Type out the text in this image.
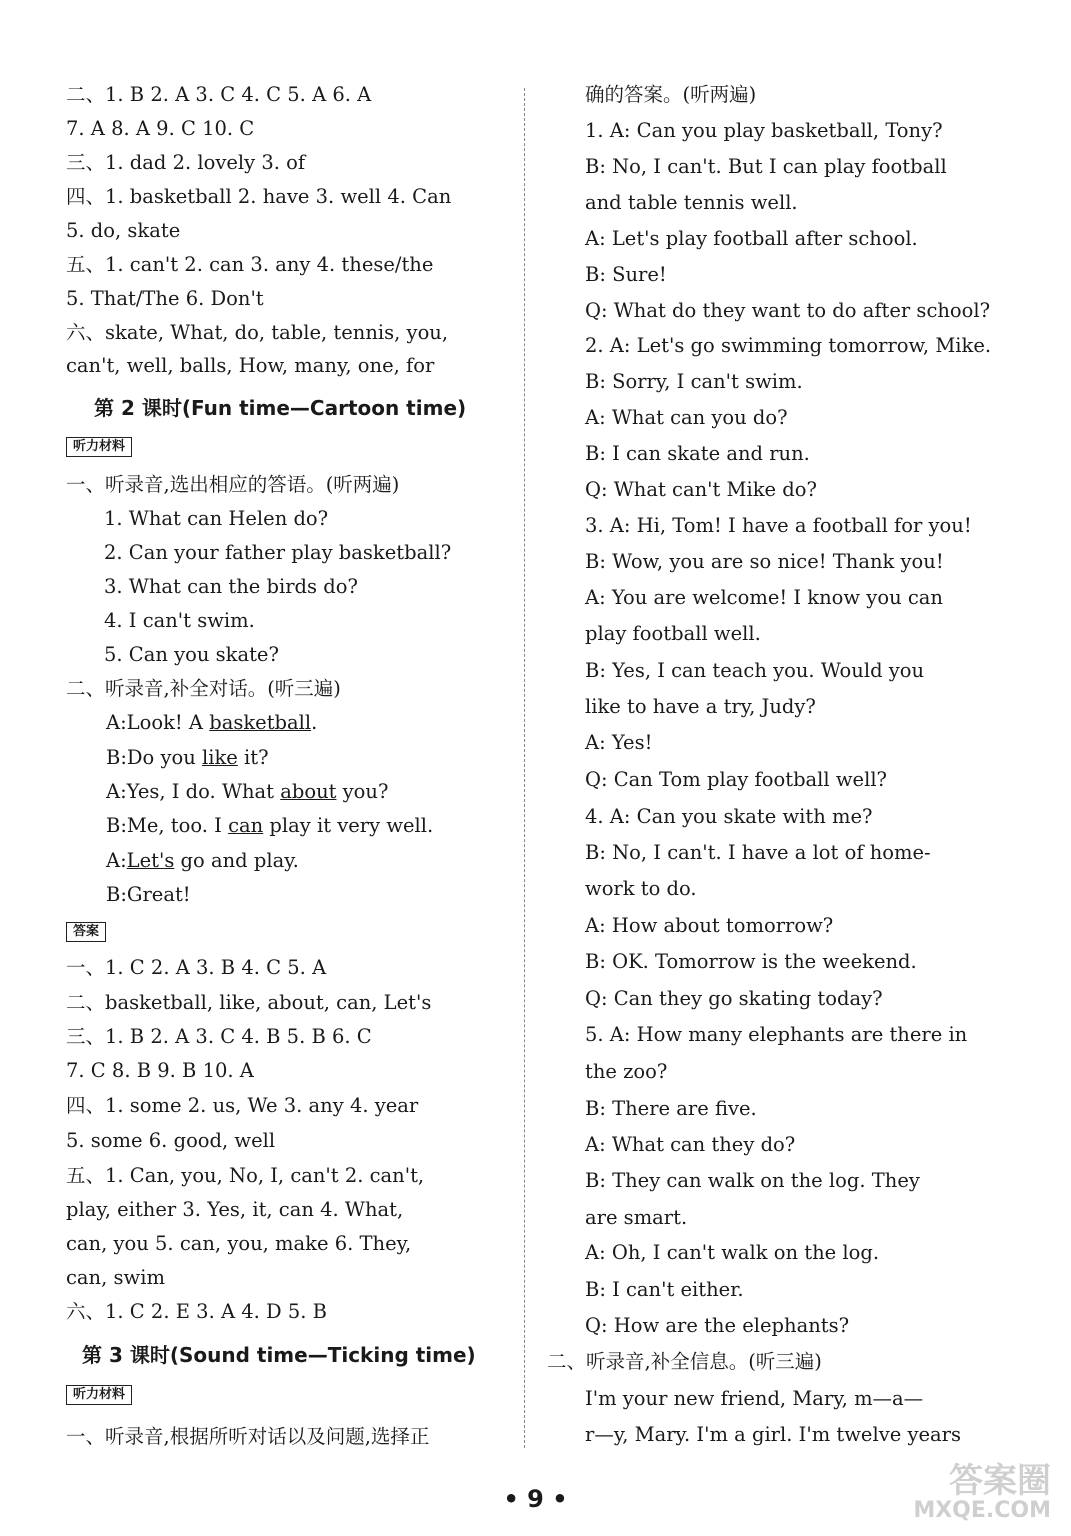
二、1. B 2. A 3. C 4. C 5. A 6. A
7. A 8. A 9. C 10. C
三、1. dad 2. lovely 3. of
四、1. basketball 2. have 3. well 4. Can
5. do, skate
五、1. can't 2. can 3. any 4. these/the
5. That/The 6. Don't
六、skate, What, do, table, tennis, you,
can't, well, balls, How, many, one, for
第 2 课时(Fun time—Cartoon time)
听力材料
一、听录音,选出相应的答语。(听两遍)
1. What can Helen do?
2. Can your father play basketball?
3. What can the birds do?
4. I can't swim.
5. Can you skate?
二、听录音,补全对话。(听三遍)
A:Look! A basketball.
B:Do you like it?
A:Yes, I do. What about you?
B:Me, too. I can play it very well.
A:Let's go and play.
B:Great!
答案
一、1. C 2. A 3. B 4. C 5. A
二、basketball, like, about, can, Let's
三、1. B 2. A 3. C 4. B 5. B 6. C
7. C 8. B 9. B 10. A
四、1. some 2. us, We 3. any 4. year
5. some 6. good, well
五、1. Can, you, No, I, can't 2. can't,
play, either 3. Yes, it, can 4. What,
can, you 5. can, you, make 6. They,
can, swim
六、1. C 2. E 3. A 4. D 5. B
第 3 课时(Sound time—Ticking time)
听力材料
一、听录音,根据所听对话以及问题,选择正
确的答案。(听两遍)
1. A: Can you play basketball, Tony?
B: No, I can't. But I can play football
and table tennis well.
A: Let's play football after school.
B: Sure!
Q: What do they want to do after school?
2. A: Let's go swimming tomorrow, Mike.
B: Sorry, I can't swim.
A: What can you do?
B: I can skate and run.
Q: What can't Mike do?
3. A: Hi, Tom! I have a football for you!
B: Wow, you are so nice! Thank you!
A: You are welcome! I know you can
play football well.
B: Yes, I can teach you. Would you
like to have a try, Judy?
A: Yes!
Q: Can Tom play football well?
4. A: Can you skate with me?
B: No, I can't. I have a lot of home-
work to do.
A: How about tomorrow?
B: OK. Tomorrow is the weekend.
Q: Can they go skating today?
5. A: How many elephants are there in
the zoo?
B: There are five.
A: What can they do?
B: They can walk on the log. They
are smart.
A: Oh, I can't walk on the log.
B: I can't either.
Q: How are the elephants?
二、听录音,补全信息。(听三遍)
I'm your new friend, Mary, m—a—
r—y, Mary. I'm a girl. I'm twelve years
• 9 •	答案圈
MXQE.COM
